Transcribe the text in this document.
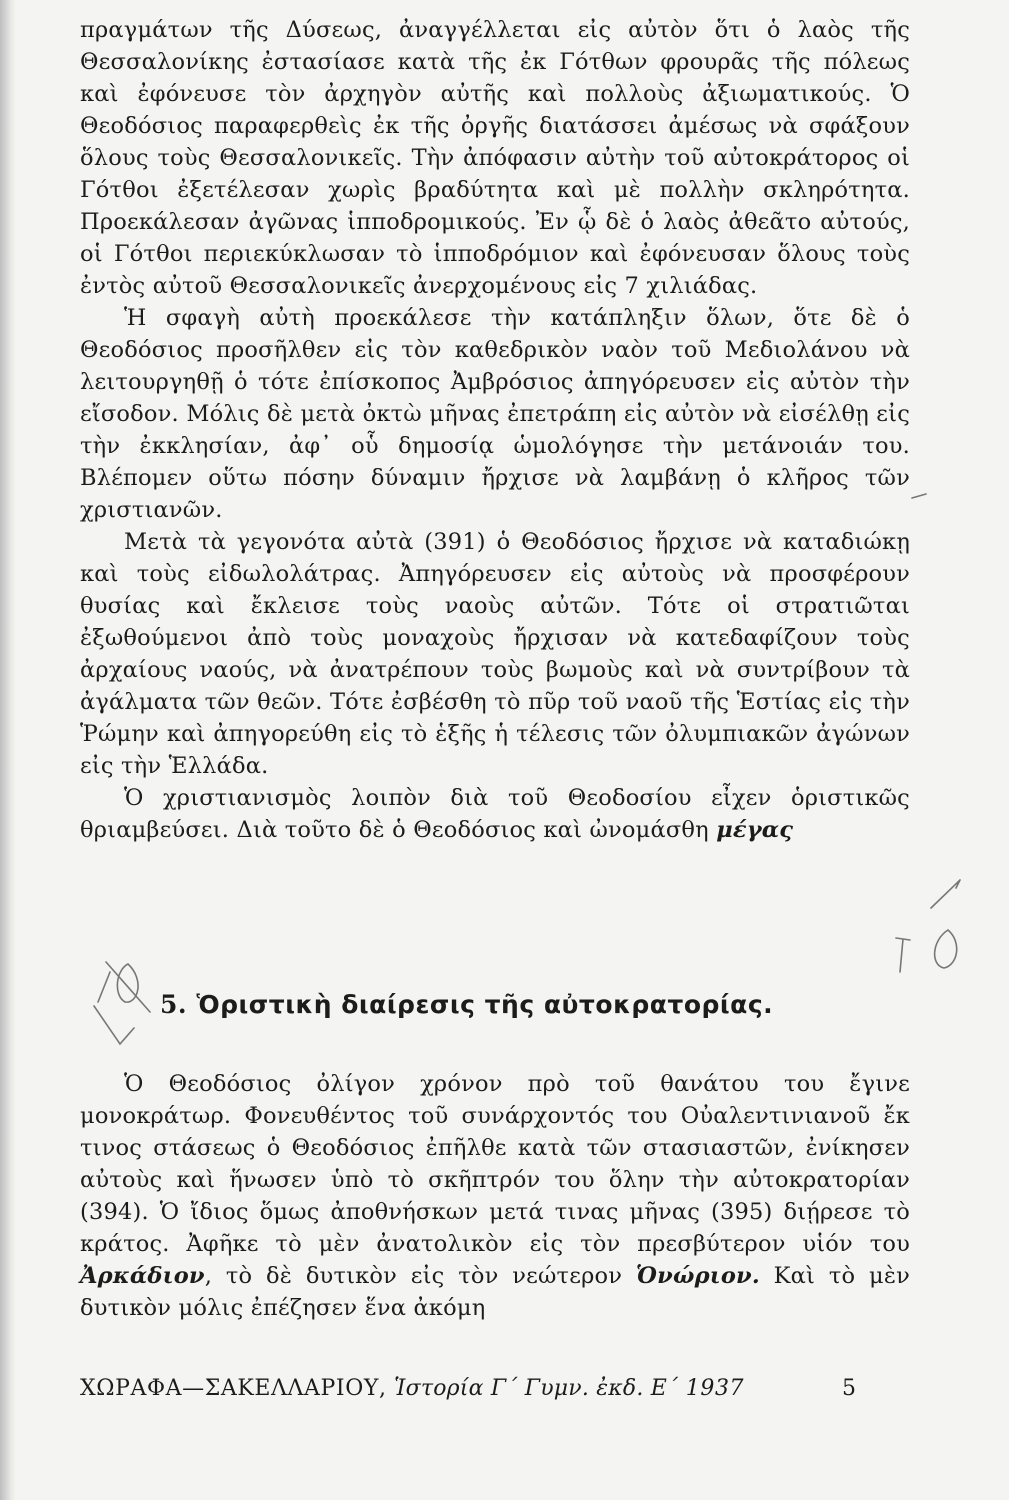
πραγμάτων τῆς Δύσεως, ἀναγγέλλεται εἰς αὐτὸν ὅτι ὁ λαὸς τῆς Θεσσαλονίκης ἐστασίασε κατὰ τῆς ἐκ Γότθων φρουρᾶς τῆς πόλεως καὶ ἐφόνευσε τὸν ἀρχηγὸν αὐτῆς καὶ πολλοὺς ἀξιωματικούς. Ὁ Θεοδόσιος παραφερθεὶς ἐκ τῆς ὀργῆς διατάσσει ἀμέσως νὰ σφάξουν ὅλους τοὺς Θεσσαλονικεῖς. Τὴν ἀπόφασιν αὐτὴν τοῦ αὐτοκράτορος οἱ Γότθοι ἐξετέλεσαν χωρὶς βραδύτητα καὶ μὲ πολλὴν σκληρότητα. Προεκάλεσαν ἀγῶνας ἱπποδρομικούς. Ἐν ᾧ δὲ ὁ λαὸς ἀθεᾶτο αὐτούς, οἱ Γότθοι περιεκύκλωσαν τὸ ἱπποδρόμιον καὶ ἐφόνευσαν ὅλους τοὺς ἐντὸς αὐτοῦ Θεσσαλονικεῖς ἀνερχομένους εἰς 7 χιλιάδας.

Ἡ σφαγὴ αὐτὴ προεκάλεσε τὴν κατάπληξιν ὅλων, ὅτε δὲ ὁ Θεοδόσιος προσῆλθεν εἰς τὸν καθεδρικὸν ναὸν τοῦ Μεδιολάνου νὰ λειτουργηθῇ ὁ τότε ἐπίσκοπος Ἀμβρόσιος ἀπηγόρευσεν εἰς αὐτὸν τὴν εἴσοδον. Μόλις δὲ μετὰ ὀκτὼ μῆνας ἐπετράπη εἰς αὐτὸν νὰ εἰσέλθῃ εἰς τὴν ἐκκλησίαν, ἀφ᾿ οὗ δημοσίᾳ ὡμολόγησε τὴν μετάνοιάν του. Βλέπομεν οὕτω πόσην δύναμιν ἤρχισε νὰ λαμβάνῃ ὁ κλῆρος τῶν χριστιανῶν.

Μετὰ τὰ γεγονότα αὐτὰ (391) ὁ Θεοδόσιος ἤρχισε νὰ καταδιώκῃ καὶ τοὺς εἰδωλολάτρας. Ἀπηγόρευσεν εἰς αὐτοὺς νὰ προσφέρουν θυσίας καὶ ἔκλεισε τοὺς ναοὺς αὐτῶν. Τότε οἱ στρατιῶται ἐξωθούμενοι ἀπὸ τοὺς μοναχοὺς ἤρχισαν νὰ κατεδαφίζουν τοὺς ἀρχαίους ναούς, νὰ ἀνατρέπουν τοὺς βωμοὺς καὶ νὰ συντρίβουν τὰ ἀγάλματα τῶν θεῶν. Τότε ἐσβέσθη τὸ πῦρ τοῦ ναοῦ τῆς Ἑστίας εἰς τὴν Ῥώμην καὶ ἀπηγορεύθη εἰς τὸ ἑξῆς ἡ τέλεσις τῶν ὀλυμπιακῶν ἀγώνων εἰς τὴν Ἑλλάδα.

Ὁ χριστιανισμὸς λοιπὸν διὰ τοῦ Θεοδοσίου εἶχεν ὁριστικῶς θριαμβεύσει. Διὰ τοῦτο δὲ ὁ Θεοδόσιος καὶ ὠνομάσθη μέγας

5. Ὁριστικὴ διαίρεσις τῆς αὐτοκρατορίας.

Ὁ Θεοδόσιος ὀλίγον χρόνον πρὸ τοῦ θανάτου του ἔγινε μονοκράτωρ. Φονευθέντος τοῦ συνάρχοντός του Οὐαλεντινιανοῦ ἔκ τινος στάσεως ὁ Θεοδόσιος ἐπῆλθε κατὰ τῶν στασιαστῶν, ἐνίκησεν αὐτοὺς καὶ ἥνωσεν ὑπὸ τὸ σκῆπτρόν του ὅλην τὴν αὐτοκρατορίαν (394). Ὁ ἴδιος ὅμως ἀποθνήσκων μετά τινας μῆνας (395) διῄρεσε τὸ κράτος. Ἀφῆκε τὸ μὲν ἀνατολικὸν εἰς τὸν πρεσβύτερον υἱόν του Ἀρκάδιον, τὸ δὲ δυτικὸν εἰς τὸν νεώτερον Ὁνώριον. Καὶ τὸ μὲν δυτικὸν μόλις ἐπέζησεν ἕνα ἀκόμη

ΧΩΡΑΦΑ—ΣΑΚΕΛΛΑΡΙΟΥ, Ἱστορία Γ΄ Γυμν. ἐκδ. Ε΄ 1937	5
